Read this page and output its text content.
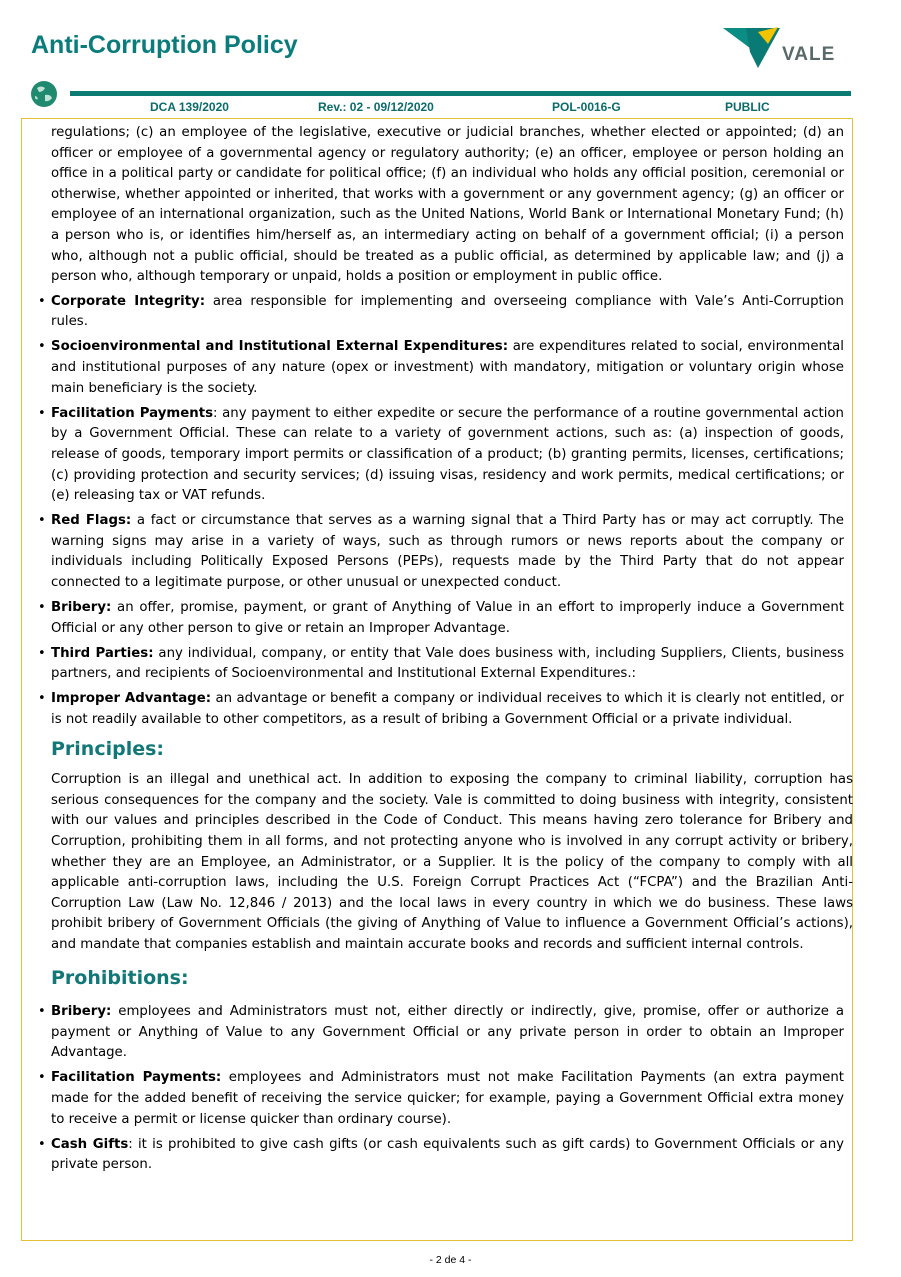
Anti-Corruption Policy	VALE
DCA 139/2020	Rev.: 02 - 09/12/2020	POL-0016-G	PUBLIC

regulations; (c) an employee of the legislative, executive or judicial branches, whether elected or appointed; (d) an officer or employee of a governmental agency or regulatory authority; (e) an officer, employee or person holding an office in a political party or candidate for political office; (f) an individual who holds any official position, ceremonial or otherwise, whether appointed or inherited, that works with a government or any government agency; (g) an officer or employee of an international organization, such as the United Nations, World Bank or International Monetary Fund; (h) a person who is, or identifies him/herself as, an intermediary acting on behalf of a government official; (i) a person who, although not a public official, should be treated as a public official, as determined by applicable law; and (j) a person who, although temporary or unpaid, holds a position or employment in public office.

• Corporate Integrity: area responsible for implementing and overseeing compliance with Vale’s Anti-Corruption rules.
• Socioenvironmental and Institutional External Expenditures: are expenditures related to social, environmental and institutional purposes of any nature (opex or investment) with mandatory, mitigation or voluntary origin whose main beneficiary is the society.
• Facilitation Payments: any payment to either expedite or secure the performance of a routine governmental action by a Government Official. These can relate to a variety of government actions, such as: (a) inspection of goods, release of goods, temporary import permits or classification of a product; (b) granting permits, licenses, certifications; (c) providing protection and security services; (d) issuing visas, residency and work permits, medical certifications; or (e) releasing tax or VAT refunds.
• Red Flags: a fact or circumstance that serves as a warning signal that a Third Party has or may act corruptly. The warning signs may arise in a variety of ways, such as through rumors or news reports about the company or individuals including Politically Exposed Persons (PEPs), requests made by the Third Party that do not appear connected to a legitimate purpose, or other unusual or unexpected conduct.
• Bribery: an offer, promise, payment, or grant of Anything of Value in an effort to improperly induce a Government Official or any other person to give or retain an Improper Advantage.
• Third Parties: any individual, company, or entity that Vale does business with, including Suppliers, Clients, business partners, and recipients of Socioenvironmental and Institutional External Expenditures.:
• Improper Advantage: an advantage or benefit a company or individual receives to which it is clearly not entitled, or is not readily available to other competitors, as a result of bribing a Government Official or a private individual.
Principles:

Corruption is an illegal and unethical act. In addition to exposing the company to criminal liability, corruption has serious consequences for the company and the society. Vale is committed to doing business with integrity, consistent with our values and principles described in the Code of Conduct. This means having zero tolerance for Bribery and Corruption, prohibiting them in all forms, and not protecting anyone who is involved in any corrupt activity or bribery, whether they are an Employee, an Administrator, or a Supplier. It is the policy of the company to comply with all applicable anti-corruption laws, including the U.S. Foreign Corrupt Practices Act (“FCPA”) and the Brazilian Anti-Corruption Law (Law No. 12,846 / 2013) and the local laws in every country in which we do business. These laws prohibit bribery of Government Officials (the giving of Anything of Value to influence a Government Official’s actions), and mandate that companies establish and maintain accurate books and records and sufficient internal controls.

Prohibitions:
• Bribery: employees and Administrators must not, either directly or indirectly, give, promise, offer or authorize a payment or Anything of Value to any Government Official or any private person in order to obtain an Improper Advantage.
• Facilitation Payments: employees and Administrators must not make Facilitation Payments (an extra payment made for the added benefit of receiving the service quicker; for example, paying a Government Official extra money to receive a permit or license quicker than ordinary course).
• Cash Gifts: it is prohibited to give cash gifts (or cash equivalents such as gift cards) to Government Officials or any private person.
- 2 de 4 -
